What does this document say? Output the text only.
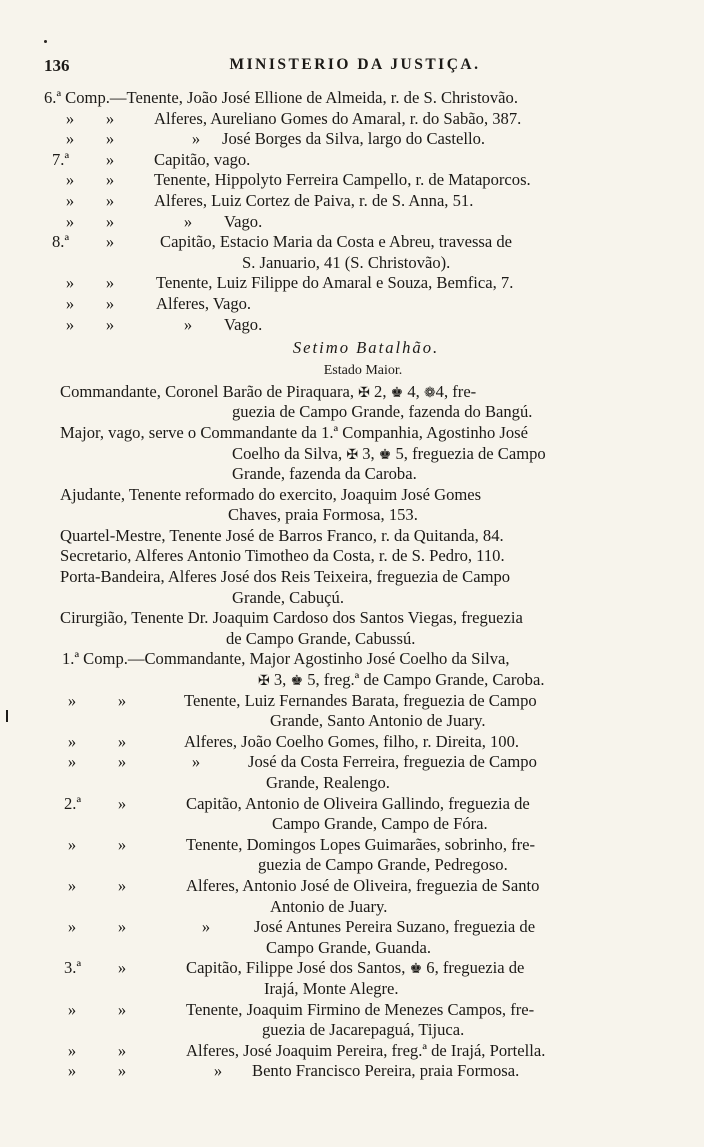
136	MINISTERIO DA JUSTIÇA.
6.ª Comp.—Tenente, João José Ellione de Almeida, r. de S. Christovão.
»	»	Alferes, Aureliano Gomes do Amaral, r. do Sabão, 387.
»	»	»	José Borges da Silva, largo do Castello.
7.ª	»	Capitão, vago.
»	»	Tenente, Hippolyto Ferreira Campello, r. de Mataporcos.
»	»	Alferes, Luiz Cortez de Paiva, r. de S. Anna, 51.
»	»	»	Vago.
8.ª	»	Capitão, Estacio Maria da Costa e Abreu, travessa de
S. Januario, 41 (S. Christovão).
»	»	Tenente, Luiz Filippe do Amaral e Souza, Bemfica, 7.
»	»	Alferes, Vago.
»	»	»	Vago.
Setimo Batalhão.
Estado Maior.
Commandante, Coronel Barão de Piraquara, ✠ 2, ♚ 4, ❁4, fre-
guezia de Campo Grande, fazenda do Bangú.
Major, vago, serve o Commandante da 1.ª Companhia, Agostinho José
Coelho da Silva, ✠ 3, ♚ 5, freguezia de Campo
Grande, fazenda da Caroba.
Ajudante, Tenente reformado do exercito, Joaquim José Gomes
Chaves, praia Formosa, 153.
Quartel-Mestre, Tenente José de Barros Franco, r. da Quitanda, 84.
Secretario, Alferes Antonio Timotheo da Costa, r. de S. Pedro, 110.
Porta-Bandeira, Alferes José dos Reis Teixeira, freguezia de Campo
Grande, Cabuçú.
Cirurgião, Tenente Dr. Joaquim Cardoso dos Santos Viegas, freguezia
de Campo Grande, Cabussú.
1.ª Comp.—Commandante, Major Agostinho José Coelho da Silva,
✠ 3, ♚ 5, freg.ª de Campo Grande, Caroba.
»	»	Tenente, Luiz Fernandes Barata, freguezia de Campo
Grande, Santo Antonio de Juary.
»	»	Alferes, João Coelho Gomes, filho, r. Direita, 100.
»	»	»	José da Costa Ferreira, freguezia de Campo
Grande, Realengo.
2.ª	»	Capitão, Antonio de Oliveira Gallindo, freguezia de
Campo Grande, Campo de Fóra.
»	»	Tenente, Domingos Lopes Guimarães, sobrinho, fre-
guezia de Campo Grande, Pedregoso.
»	»	Alferes, Antonio José de Oliveira, freguezia de Santo
Antonio de Juary.
»	»	»	José Antunes Pereira Suzano, freguezia de
Campo Grande, Guanda.
3.ª	»	Capitão, Filippe José dos Santos, ♚ 6, freguezia de
Irajá, Monte Alegre.
»	»	Tenente, Joaquim Firmino de Menezes Campos, fre-
guezia de Jacarepaguá, Tijuca.
»	»	Alferes, José Joaquim Pereira, freg.ª de Irajá, Portella.
»	»	»	Bento Francisco Pereira, praia Formosa.
